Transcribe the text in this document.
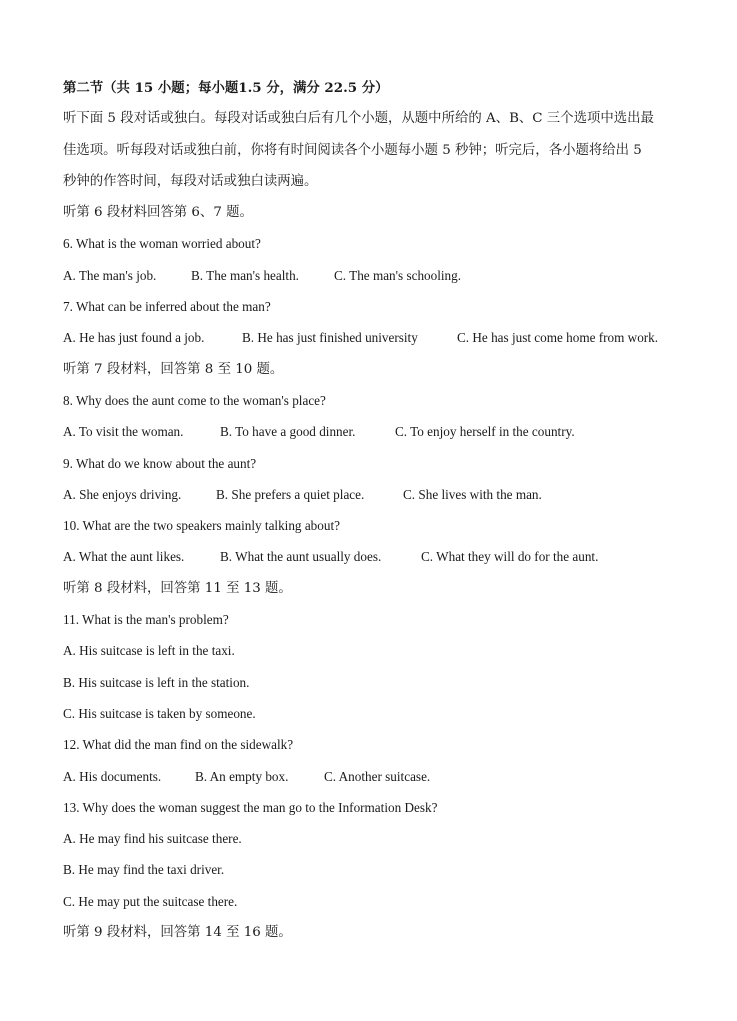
第二节（共 15 小题；每小题1.5 分，满分 22.5 分）
听下面 5 段对话或独白。每段对话或独白后有几个小题，从题中所给的 A、B、C 三个选项中选出最
佳选项。听每段对话或独白前，你将有时间阅读各个小题每小题 5 秒钟；听完后，各小题将给出 5
秒钟的作答时间，每段对话或独白读两遍。
听第 6 段材料回答第 6、7 题。
6. What is the woman worried about?
A. The man's job.	B. The man's health.	C. The man's schooling.
7. What can be inferred about the man?
A. He has just found a job.	B. He has just finished university	C. He has just come home from work.
听第 7 段材料，回答第 8 至 10 题。
8. Why does the aunt come to the woman's place?
A. To visit the woman.	B. To have a good dinner.	C. To enjoy herself in the country.
9. What do we know about the aunt?
A. She enjoys driving.	B. She prefers a quiet place.	C. She lives with the man.
10. What are the two speakers mainly talking about?
A. What the aunt likes.	B. What the aunt usually does.	C. What they will do for the aunt.
听第 8 段材料，回答第 11 至 13 题。
11. What is the man's problem?
A. His suitcase is left in the taxi.
B. His suitcase is left in the station.
C. His suitcase is taken by someone.
12. What did the man find on the sidewalk?
A. His documents.	B. An empty box.	C. Another suitcase.
13. Why does the woman suggest the man go to the Information Desk?
A. He may find his suitcase there.
B. He may find the taxi driver.
C. He may put the suitcase there.
听第 9 段材料，回答第 14 至 16 题。
